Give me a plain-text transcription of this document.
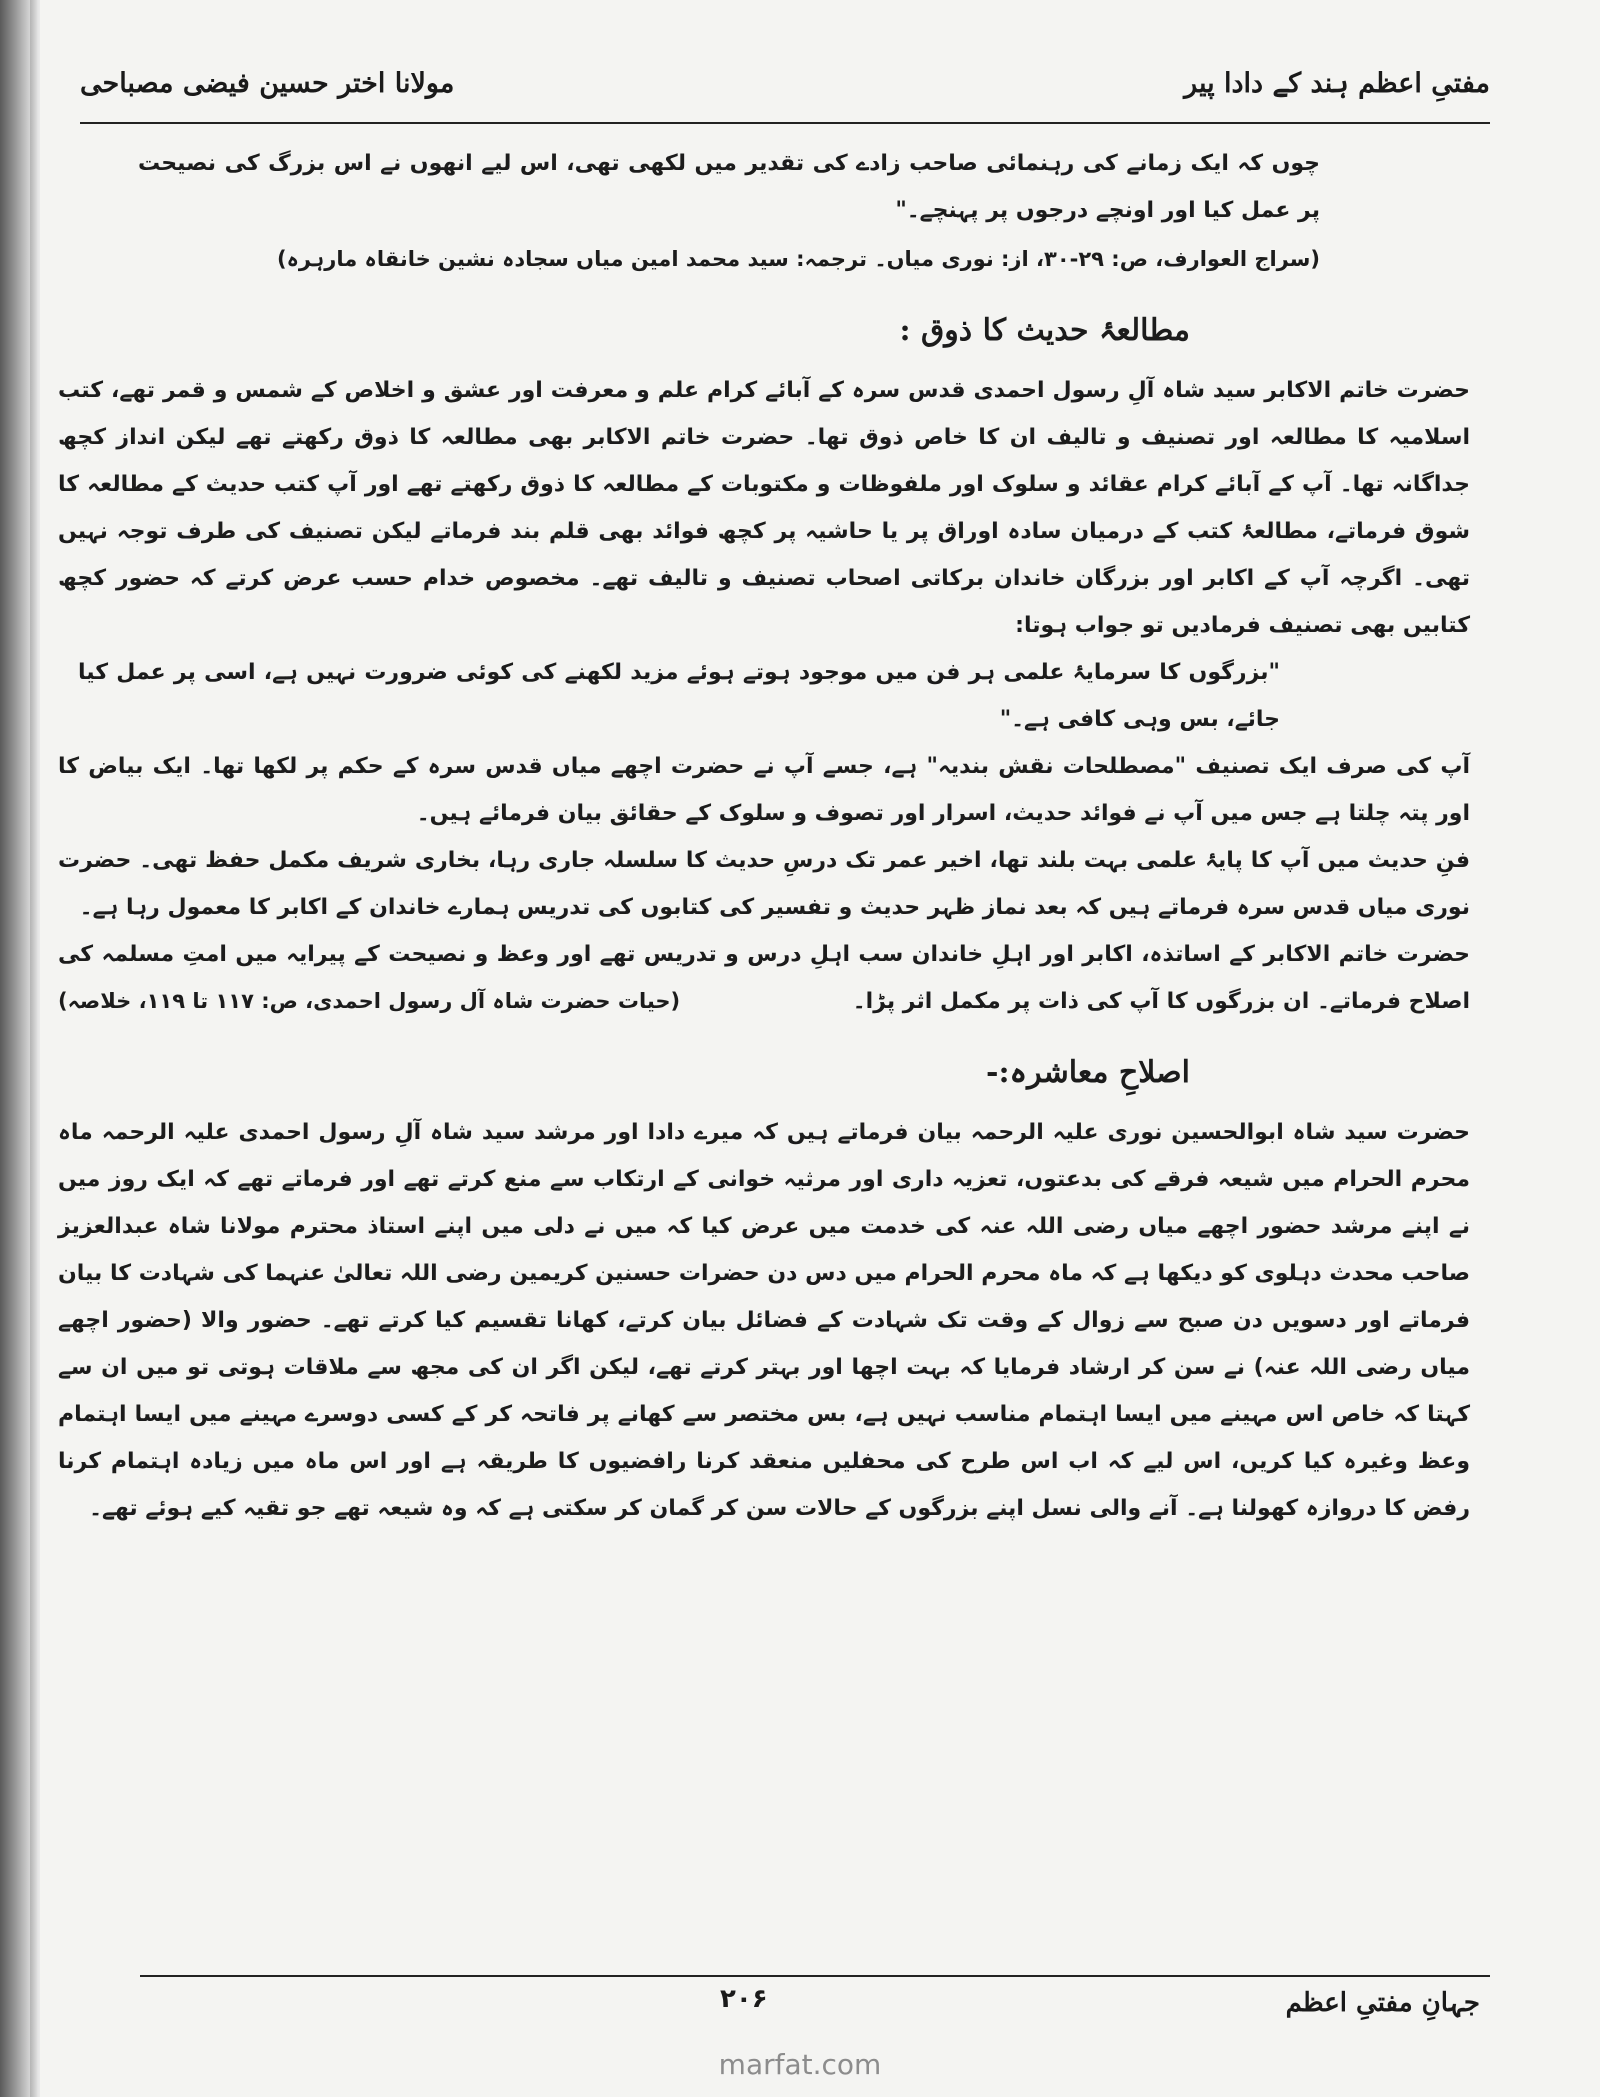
مفتیِ اعظم ہند کے دادا پیر
مولانا اختر حسین فیضی مصباحی

چوں کہ ایک زمانے کی رہنمائی صاحب زادے کی تقدیر میں لکھی تھی، اس لیے انھوں نے اس بزرگ کی نصیحت پر عمل کیا اور اونچے درجوں پر پہنچے۔"

(سراج العوارف، ص: ۲۹-۳۰، از: نوری میاں۔ ترجمہ: سید محمد امین میاں سجادہ نشین خانقاہ مارہرہ)

مطالعۂ حدیث کا ذوق :

حضرت خاتم الاکابر سید شاہ آلِ رسول احمدی قدس سرہ کے آبائے کرام علم و معرفت اور عشق و اخلاص کے شمس و قمر تھے، کتب اسلامیہ کا مطالعہ اور تصنیف و تالیف ان کا خاص ذوق تھا۔ حضرت خاتم الاکابر بھی مطالعہ کا ذوق رکھتے تھے لیکن انداز کچھ جداگانہ تھا۔ آپ کے آبائے کرام عقائد و سلوک اور ملفوظات و مکتوبات کے مطالعہ کا ذوق رکھتے تھے اور آپ کتب حدیث کے مطالعہ کا شوق فرماتے، مطالعۂ کتب کے درمیان سادہ اوراق پر یا حاشیہ پر کچھ فوائد بھی قلم بند فرماتے لیکن تصنیف کی طرف توجہ نہیں تھی۔ اگرچہ آپ کے اکابر اور بزرگان خاندان برکاتی اصحاب تصنیف و تالیف تھے۔ مخصوص خدام حسب عرض کرتے کہ حضور کچھ کتابیں بھی تصنیف فرمادیں تو جواب ہوتا:

"بزرگوں کا سرمایۂ علمی ہر فن میں موجود ہوتے ہوئے مزید لکھنے کی کوئی ضرورت نہیں ہے، اسی پر عمل کیا جائے، بس وہی کافی ہے۔"

آپ کی صرف ایک تصنیف "مصطلحات نقش بندیہ" ہے، جسے آپ نے حضرت اچھے میاں قدس سرہ کے حکم پر لکھا تھا۔ ایک بیاض کا اور پتہ چلتا ہے جس میں آپ نے فوائد حدیث، اسرار اور تصوف و سلوک کے حقائق بیان فرمائے ہیں۔

فنِ حدیث میں آپ کا پایۂ علمی بہت بلند تھا، اخیر عمر تک درسِ حدیث کا سلسلہ جاری رہا، بخاری شریف مکمل حفظ تھی۔ حضرت نوری میاں قدس سرہ فرماتے ہیں کہ بعد نماز ظہر حدیث و تفسیر کی کتابوں کی تدریس ہمارے خاندان کے اکابر کا معمول رہا ہے۔

حضرت خاتم الاکابر کے اساتذہ، اکابر اور اہلِ خاندان سب اہلِ درس و تدریس تھے اور وعظ و نصیحت کے پیرایہ میں امتِ مسلمہ کی اصلاح فرماتے۔ ان بزرگوں کا آپ کی ذات پر مکمل اثر پڑا۔
(حیات حضرت شاہ آل رسول احمدی، ص: ۱۱۷ تا ۱۱۹، خلاصہ)

اصلاحِ معاشرہ:-

حضرت سید شاہ ابوالحسین نوری علیہ الرحمہ بیان فرماتے ہیں کہ میرے دادا اور مرشد سید شاہ آلِ رسول احمدی علیہ الرحمہ ماہ محرم الحرام میں شیعہ فرقے کی بدعتوں، تعزیہ داری اور مرثیہ خوانی کے ارتکاب سے منع کرتے تھے اور فرماتے تھے کہ ایک روز میں نے اپنے مرشد حضور اچھے میاں رضی اللہ عنہ کی خدمت میں عرض کیا کہ میں نے دلی میں اپنے استاذ محترم مولانا شاہ عبدالعزیز صاحب محدث دہلوی کو دیکھا ہے کہ ماہ محرم الحرام میں دس دن حضرات حسنین کریمین رضی اللہ تعالیٰ عنہما کی شہادت کا بیان فرماتے اور دسویں دن صبح سے زوال کے وقت تک شہادت کے فضائل بیان کرتے، کھانا تقسیم کیا کرتے تھے۔ حضور والا (حضور اچھے میاں رضی اللہ عنہ) نے سن کر ارشاد فرمایا کہ بہت اچھا اور بہتر کرتے تھے، لیکن اگر ان کی مجھ سے ملاقات ہوتی تو میں ان سے کہتا کہ خاص اس مہینے میں ایسا اہتمام مناسب نہیں ہے، بس مختصر سے کھانے پر فاتحہ کر کے کسی دوسرے مہینے میں ایسا اہتمام وعظ وغیرہ کیا کریں، اس لیے کہ اب اس طرح کی محفلیں منعقد کرنا رافضیوں کا طریقہ ہے اور اس ماہ میں زیادہ اہتمام کرنا رفض کا دروازہ کھولنا ہے۔ آنے والی نسل اپنے بزرگوں کے حالات سن کر گمان کر سکتی ہے کہ وہ شیعہ تھے جو تقیہ کیے ہوئے تھے۔

جہانِ مفتیِ اعظم
۲۰۶
marfat.com
